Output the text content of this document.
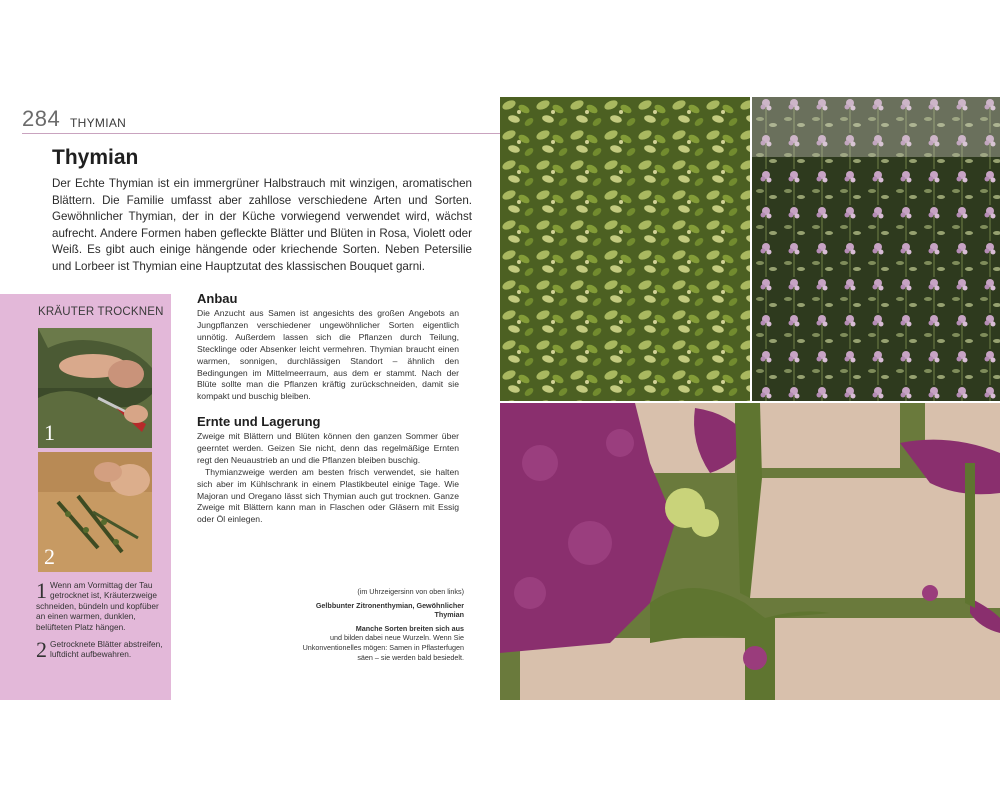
284 THYMIAN
Thymian

Der Echte Thymian ist ein immergrüner Halbstrauch mit winzigen, aromatischen Blättern. Die Familie umfasst aber zahllose verschiedene Arten und Sorten. Gewöhnlicher Thymian, der in der Küche vorwiegend verwendet wird, wächst aufrecht. Andere Formen haben gefleckte Blätter und Blüten in Rosa, Violett oder Weiß. Es gibt auch einige hängende oder kriechende Sorten. Neben Petersilie und Lorbeer ist Thymian eine Hauptzutat des klassischen Bouquet garni.

KRÄUTER TROCKNEN
1
2
1 Wenn am Vormittag der Tau getrocknet ist, Kräuterzweige schneiden, bündeln und kopfüber an einen warmen, dunklen, belüfteten Platz hängen.
2 Getrocknete Blätter abstreifen, luftdicht aufbewahren.
Anbau

Die Anzucht aus Samen ist angesichts des großen Angebots an Jungpflanzen verschiedener ungewöhnlicher Sorten eigentlich unnötig. Außerdem lassen sich die Pflanzen durch Teilung, Stecklinge oder Absenker leicht vermehren. Thymian braucht einen warmen, sonnigen, durchlässigen Standort – ähnlich den Bedingungen im Mittelmeerraum, aus dem er stammt. Nach der Blüte sollte man die Pflanzen kräftig zurückschneiden, damit sie kompakt und buschig bleiben.

Ernte und Lagerung
Zweige mit Blättern und Blüten können den ganzen Sommer über geerntet werden. Geizen Sie nicht, denn das regelmäßige Ernten regt den Neuaustrieb an und die Pflanzen bleiben buschig.
Thymianzweige werden am besten frisch verwendet, sie halten sich aber im Kühlschrank in einem Plastikbeutel einige Tage. Wie Majoran und Oregano lässt sich Thymian auch gut trocknen. Ganze Zweige mit Blättern kann man in Flaschen oder Gläsern mit Essig oder Öl einlegen.
(im Uhrzeigersinn von oben links)
Gelbbunter Zitronenthymian, Gewöhnlicher Thymian
Manche Sorten breiten sich aus
und bilden dabei neue Wurzeln. Wenn Sie Unkonventionelles mögen: Samen in Pflasterfugen säen – sie werden bald besiedelt.
